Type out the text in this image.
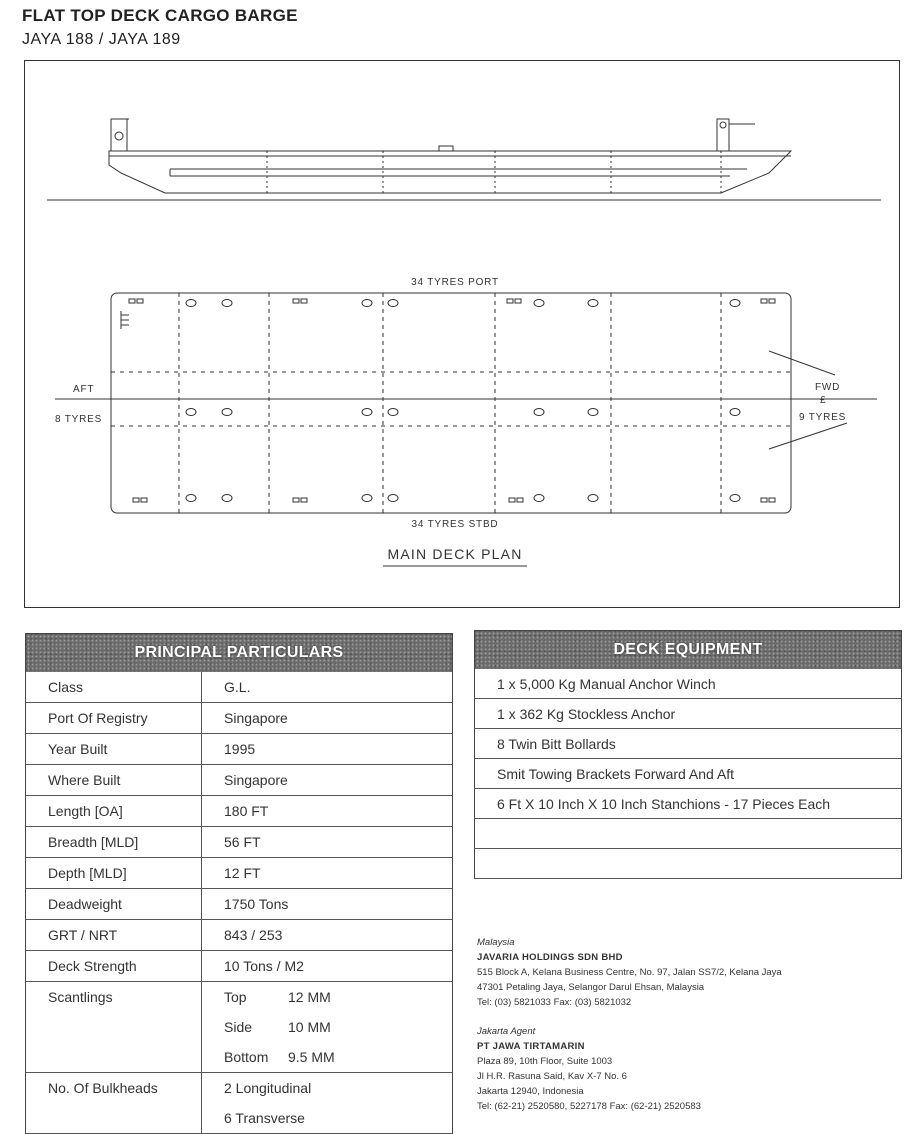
FLAT TOP DECK CARGO BARGE
JAYA 188 / JAYA 189
34 TYRES PORT
34 TYRES STBD
AFT
8 TYRES
FWD
£
9 TYRES
MAIN DECK PLAN
PRINCIPAL PARTICULARS	
Class	G.L.
Port Of Registry	Singapore
Year Built	1995
Where Built	Singapore
Length [OA]	180 FT
Breadth [MLD]	56 FT
Depth [MLD]	12 FT
Deadweight	1750 Tons
GRT / NRT	843 / 253
Deck Strength	10 Tons / M2
Scantlings	Top 12 MM
	Side 10 MM
	Bottom 9.5 MM
No. Of Bulkheads	2 Longitudinal
	6 Transverse
DECK EQUIPMENT
1 x 5,000 Kg Manual Anchor Winch
1 x 362 Kg Stockless Anchor
8 Twin Bitt Bollards
Smit Towing Brackets Forward And Aft
6 Ft X 10 Inch X 10 Inch Stanchions - 17 Pieces Each

Malaysia
JAVARIA HOLDINGS SDN BHD
515 Block A, Kelana Business Centre, No. 97, Jalan SS7/2, Kelana Jaya
47301 Petaling Jaya, Selangor Darul Ehsan, Malaysia
Tel: (03) 5821033 Fax: (03) 5821032
Jakarta Agent
PT JAWA TIRTAMARIN
Plaza 89, 10th Floor, Suite 1003
Jl H.R. Rasuna Said, Kav X-7 No. 6
Jakarta 12940, Indonesia
Tel: (62-21) 2520580, 5227178 Fax: (62-21) 2520583
